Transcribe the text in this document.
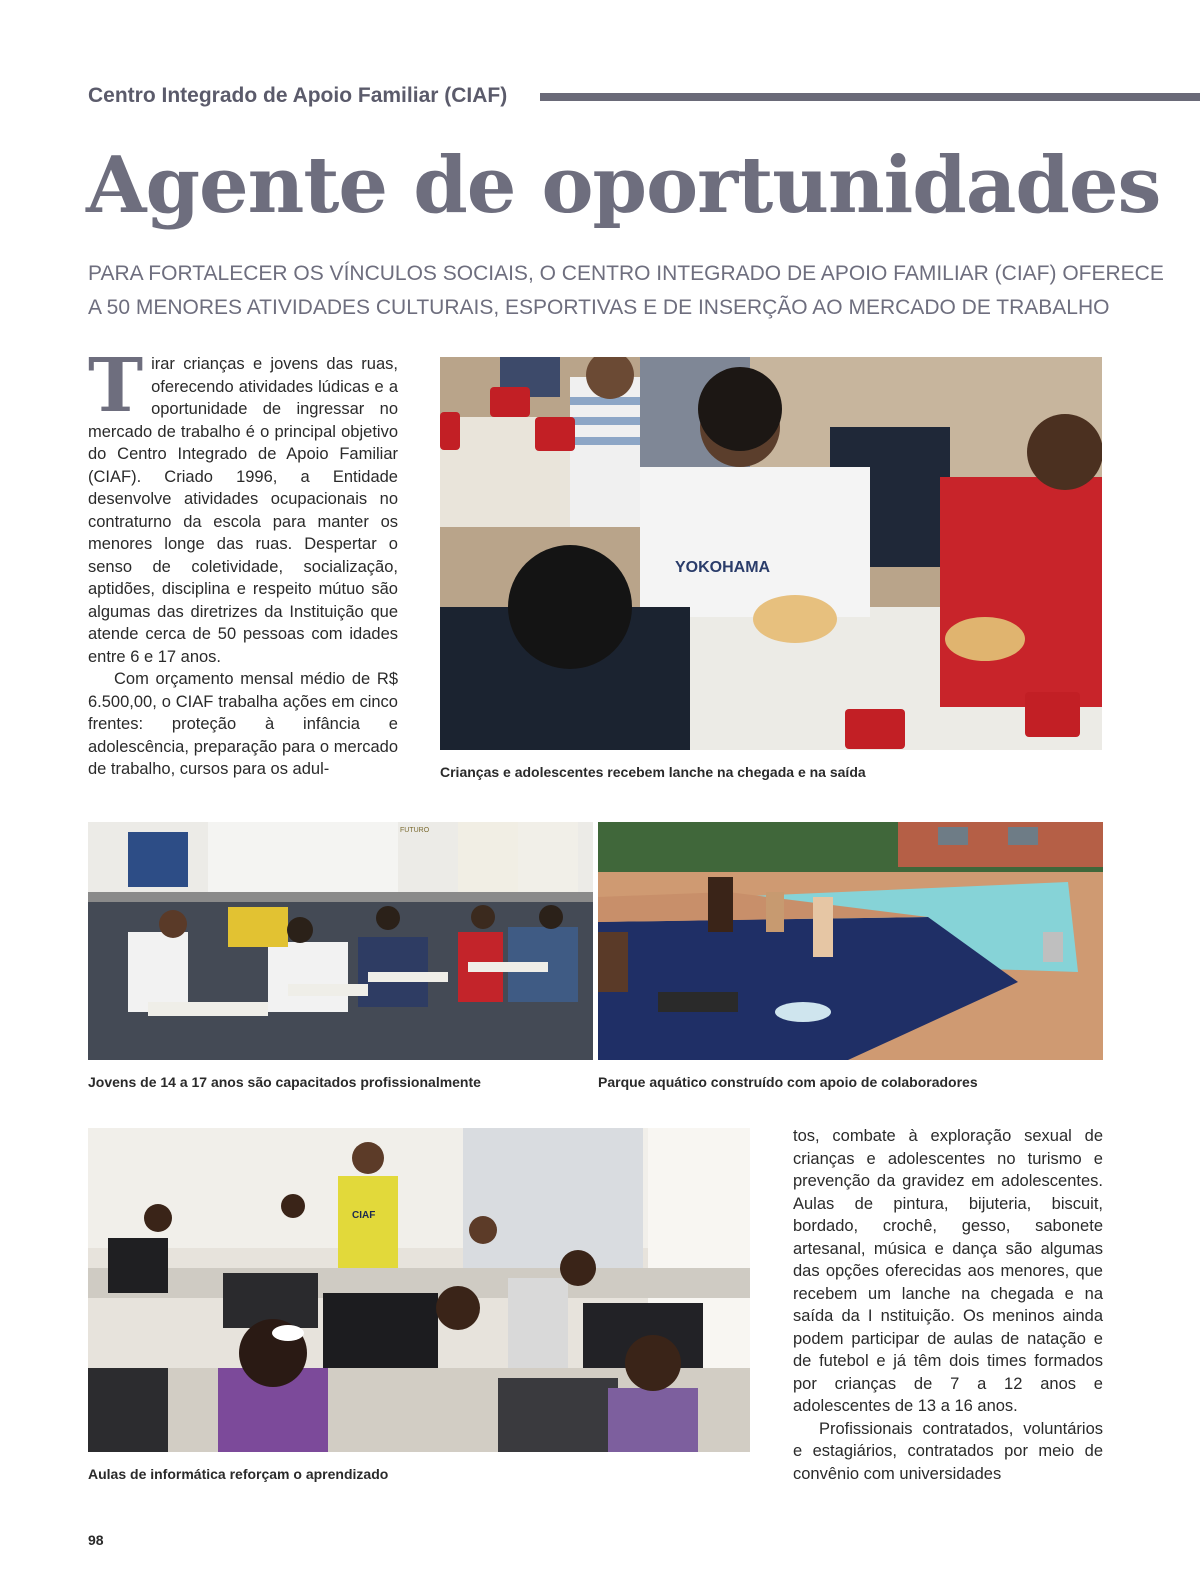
Centro Integrado de Apoio Familiar (CIAF)
Agente de oportunidades
PARA FORTALECER OS VÍNCULOS SOCIAIS, O CENTRO INTEGRADO DE APOIO FAMILIAR (CIAF) OFERECE
A 50 MENORES ATIVIDADES CULTURAIS, ESPORTIVAS E DE INSERÇÃO AO MERCADO DE TRABALHO

Tirar crianças e jovens das ruas, oferecendo atividades lúdicas e a oportunidade de ingressar no mercado de trabalho é o principal objetivo do Centro Integrado de Apoio Familiar (CIAF). Criado 1996, a Entidade desenvolve atividades ocupacionais no contraturno da escola para manter os menores longe das ruas. Despertar o senso de coletividade, socialização, aptidões, disciplina e respeito mútuo são algumas das diretrizes da Instituição que atende cerca de 50 pessoas com idades entre 6 e 17 anos.

Com orçamento mensal médio de R$ 6.500,00, o CIAF trabalha ações em cinco frentes: proteção à infância e adolescência, preparação para o mercado de trabalho, cursos para os adul-

YOKOHAMA
Crianças e adolescentes recebem lanche na chegada e na saída
FUTURO
Jovens de 14 a 17 anos são capacitados profissionalmente	Parque aquático construído com apoio de colaboradores
CIAF
Aulas de informática reforçam o aprendizado

tos, combate à exploração sexual de crianças e adolescentes no turismo e prevenção da gravidez em adolescentes. Aulas de pintura, bijuteria, biscuit, bordado, crochê, gesso, sabonete artesanal, música e dança são algumas das opções oferecidas aos menores, que recebem um lanche na chegada e na saída da I nstituição. Os meninos ainda podem participar de aulas de natação e de futebol e já têm dois times formados por crianças de 7 a 12 anos e adolescentes de 13 a 16 anos.

Profissionais contratados, voluntários e estagiários, contratados por meio de convênio com universidades

98
